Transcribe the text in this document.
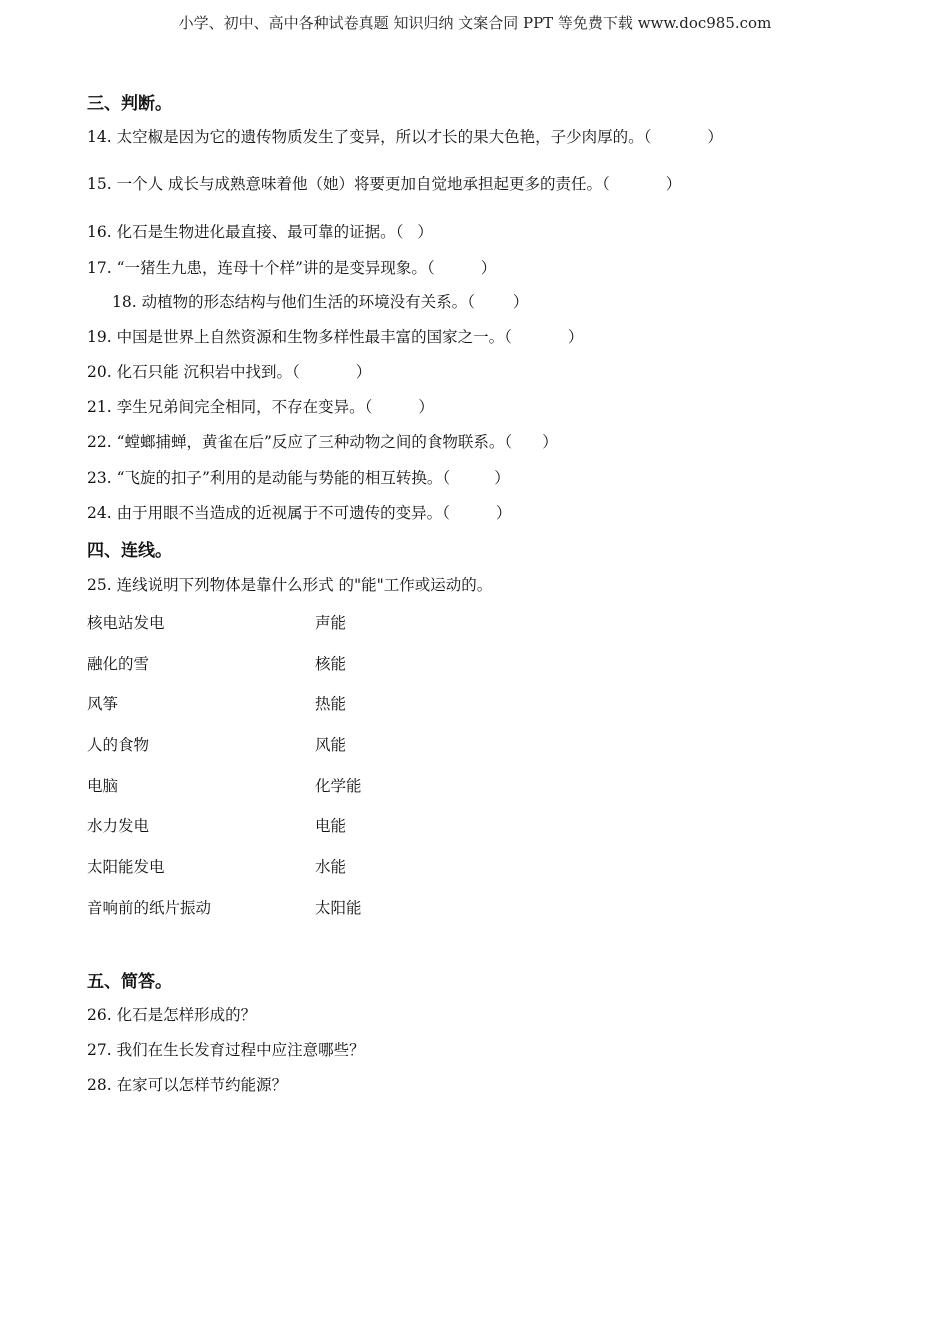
小学、初中、高中各种试卷真题 知识归纳 文案合同 PPT 等免费下载 www.doc985.com
三、判断。
14. 太空椒是因为它的遗传物质发生了变异，所以才长的果大色艳，子少肉厚的。（	）
15. 一个人 成长与成熟意味着他（她）将要更加自觉地承担起更多的责任。（	）
16. 化石是生物进化最直接、最可靠的证据。（ ）
17. “一猪生九患，连母十个样”讲的是变异现象。（	）
18. 动植物的形态结构与他们生活的环境没有关系。（ ）
19. 中国是世界上自然资源和生物多样性最丰富的国家之一。（	）
20. 化石只能 沉积岩中找到。（	）
21. 孪生兄弟间完全相同，不存在变异。（	）
22. “螳螂捕蝉，黄雀在后”反应了三种动物之间的食物联系。（ ）
23. “飞旋的扣子”利用的是动能与势能的相互转换。（	）
24. 由于用眼不当造成的近视属于不可遗传的变异。（	）
四、连线。
25. 连线说明下列物体是靠什么形式 的"能"工作或运动的。
核电站发电	声能
融化的雪	核能
风筝	热能
人的食物	风能
电脑	化学能
水力发电	电能
太阳能发电	水能
音响前的纸片振动	太阳能
五、简答。
26. 化石是怎样形成的？
27. 我们在生长发育过程中应注意哪些？
28. 在家可以怎样节约能源？
